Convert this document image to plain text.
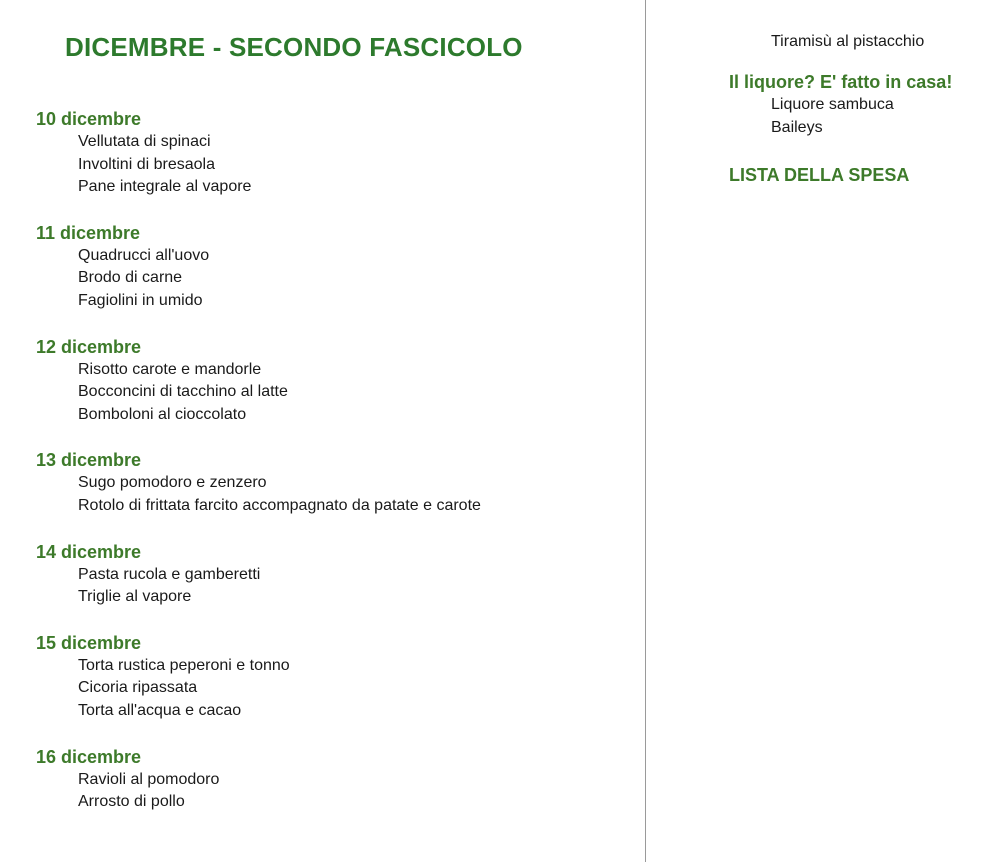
DICEMBRE - SECONDO FASCICOLO
10 dicembre
Vellutata di spinaci
Involtini di bresaola
Pane integrale al vapore
11 dicembre
Quadrucci all'uovo
Brodo di carne
Fagiolini in umido
12 dicembre
Risotto carote e mandorle
Bocconcini di tacchino al latte
Bomboloni al cioccolato
13 dicembre
Sugo pomodoro e zenzero
Rotolo di frittata farcito accompagnato da patate e carote
14 dicembre
Pasta rucola e gamberetti
Triglie al vapore
15 dicembre
Torta rustica peperoni e tonno
Cicoria ripassata
Torta all'acqua e cacao
16 dicembre
Ravioli al pomodoro
Arrosto di pollo
Tiramisù al pistacchio
Il liquore? E' fatto in casa!
Liquore sambuca
Baileys
LISTA DELLA SPESA
